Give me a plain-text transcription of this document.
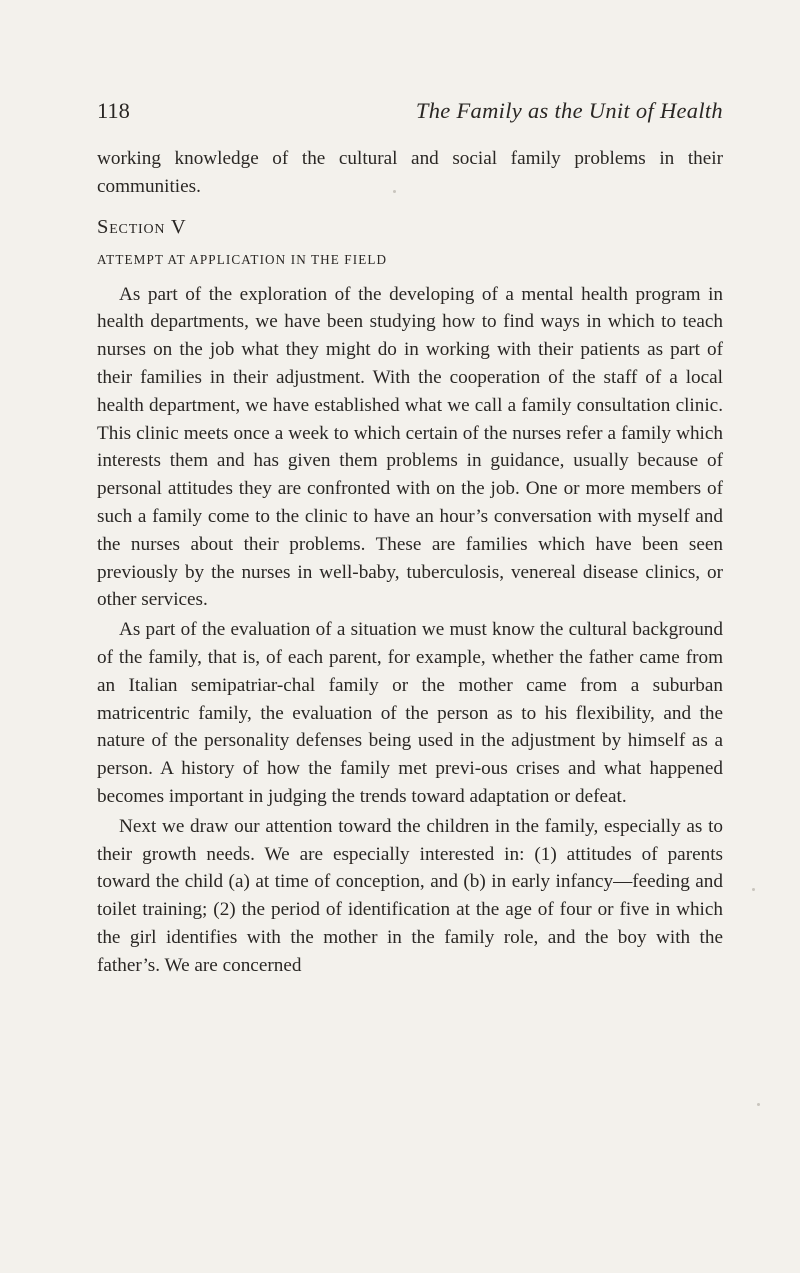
118	The Family as the Unit of Health

working knowledge of the cultural and social family problems in their communities.

Section V

ATTEMPT AT APPLICATION IN THE FIELD

As part of the exploration of the developing of a mental health program in health departments, we have been studying how to find ways in which to teach nurses on the job what they might do in working with their patients as part of their families in their adjustment. With the cooperation of the staff of a local health department, we have established what we call a family consultation clinic. This clinic meets once a week to which certain of the nurses refer a family which interests them and has given them problems in guidance, usually because of personal attitudes they are confronted with on the job. One or more members of such a family come to the clinic to have an hour’s conversation with myself and the nurses about their problems. These are families which have been seen previously by the nurses in well-baby, tuberculosis, venereal disease clinics, or other services.

As part of the evaluation of a situation we must know the cultural background of the family, that is, of each parent, for example, whether the father came from an Italian semipatriar-chal family or the mother came from a suburban matricentric family, the evaluation of the person as to his flexibility, and the nature of the personality defenses being used in the adjustment by himself as a person. A history of how the family met previ-ous crises and what happened becomes important in judging the trends toward adaptation or defeat.

Next we draw our attention toward the children in the family, especially as to their growth needs. We are especially interested in: (1) attitudes of parents toward the child (a) at time of conception, and (b) in early infancy—feeding and toilet training; (2) the period of identification at the age of four or five in which the girl identifies with the mother in the family role, and the boy with the father’s. We are concerned
